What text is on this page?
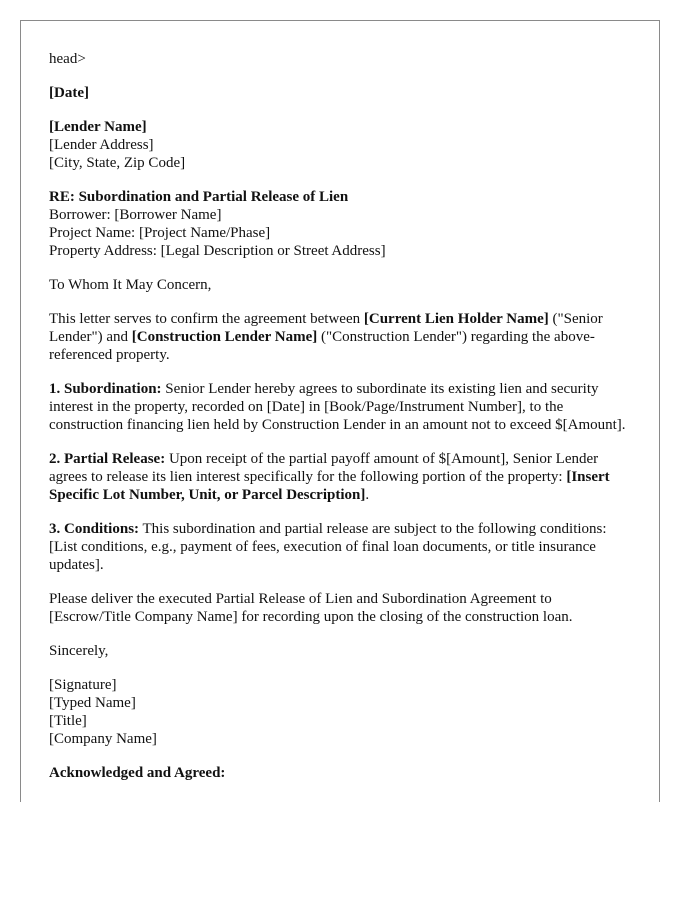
head>
[Date]
[Lender Name]
[Lender Address]
[City, State, Zip Code]
RE: Subordination and Partial Release of Lien
Borrower: [Borrower Name]
Project Name: [Project Name/Phase]
Property Address: [Legal Description or Street Address]
To Whom It May Concern,
This letter serves to confirm the agreement between [Current Lien Holder Name] ("Senior Lender") and [Construction Lender Name] ("Construction Lender") regarding the above-referenced property.
1. Subordination: Senior Lender hereby agrees to subordinate its existing lien and security interest in the property, recorded on [Date] in [Book/Page/Instrument Number], to the construction financing lien held by Construction Lender in an amount not to exceed $[Amount].
2. Partial Release: Upon receipt of the partial payoff amount of $[Amount], Senior Lender agrees to release its lien interest specifically for the following portion of the property: [Insert Specific Lot Number, Unit, or Parcel Description].
3. Conditions: This subordination and partial release are subject to the following conditions: [List conditions, e.g., payment of fees, execution of final loan documents, or title insurance updates].
Please deliver the executed Partial Release of Lien and Subordination Agreement to [Escrow/Title Company Name] for recording upon the closing of the construction loan.
Sincerely,
[Signature]
[Typed Name]
[Title]
[Company Name]
Acknowledged and Agreed:
